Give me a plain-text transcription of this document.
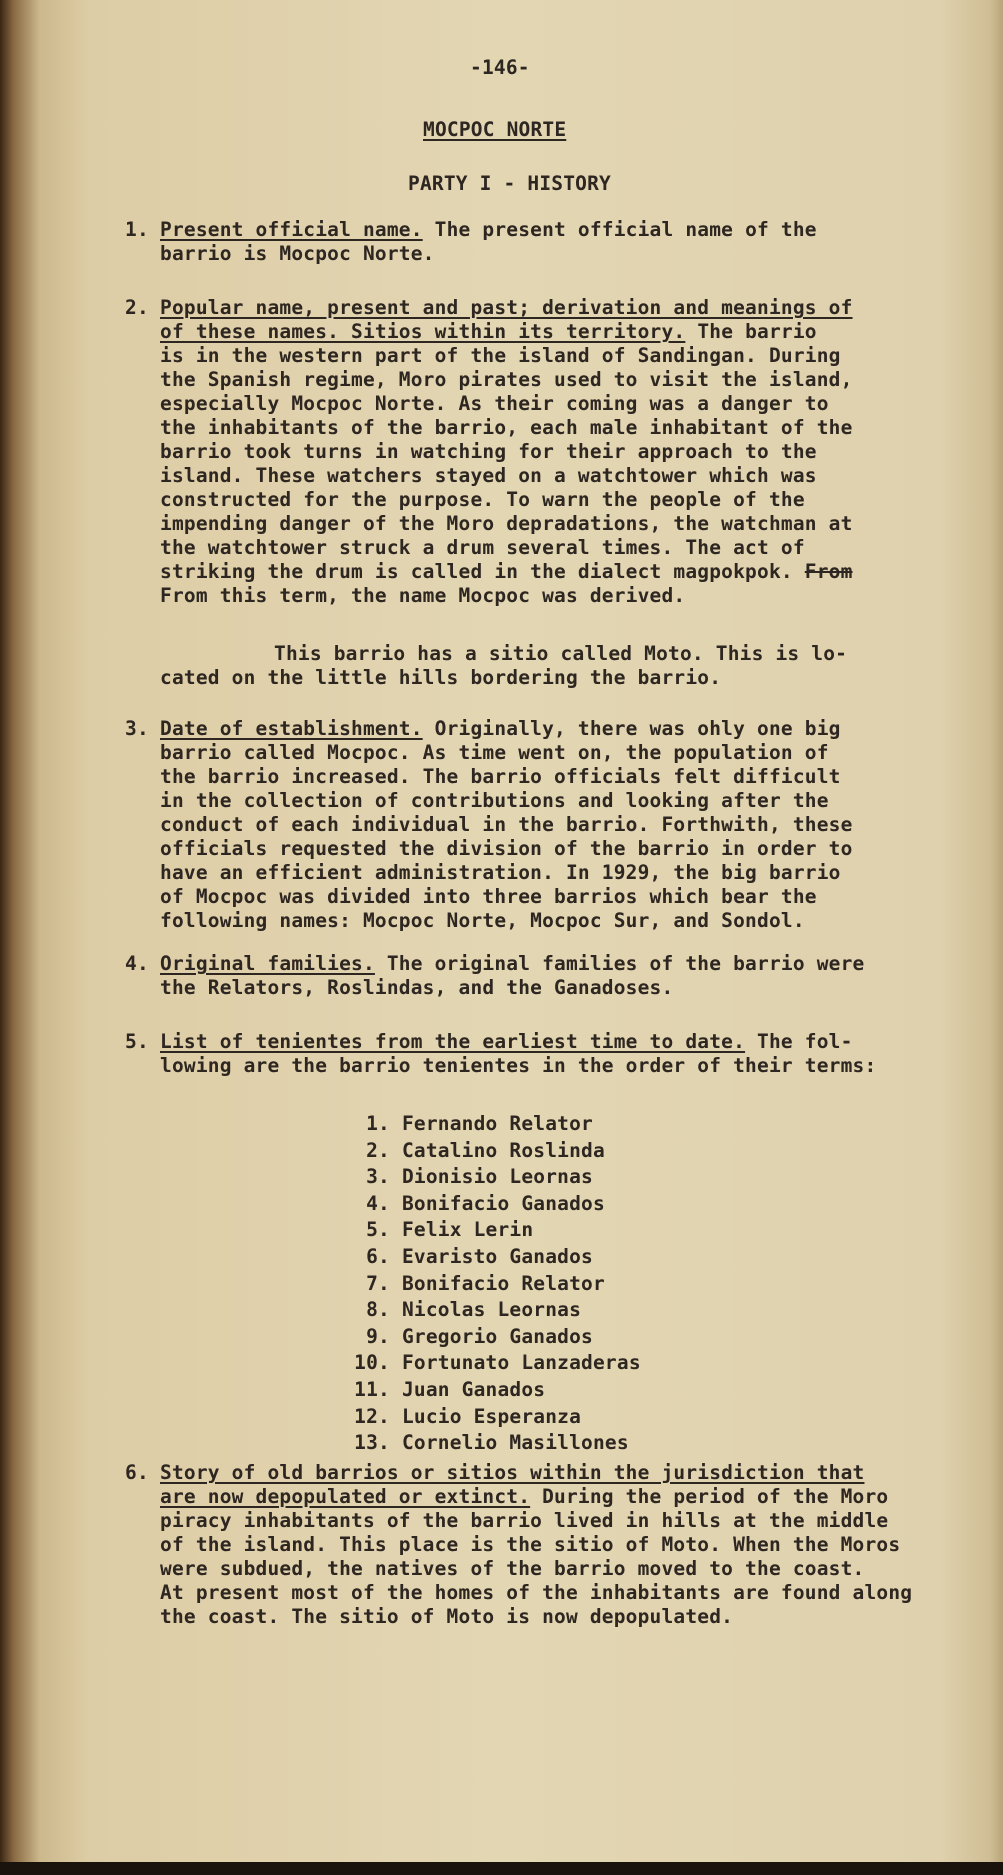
-146-
MOCPOC NORTE
PARTY I - HISTORY
1. Present official name. The present official name of the
barrio is Mocpoc Norte.
2. Popular name, present and past; derivation and meanings of
of these names. Sitios within its territory. The barrio
is in the western part of the island of Sandingan. During
the Spanish regime, Moro pirates used to visit the island,
especially Mocpoc Norte. As their coming was a danger to
the inhabitants of the barrio, each male inhabitant of the
barrio took turns in watching for their approach to the
island. These watchers stayed on a watchtower which was
constructed for the purpose. To warn the people of the
impending danger of the Moro depradations, the watchman at
the watchtower struck a drum several times. The act of
striking the drum is called in the dialect magpokpok. From
From this term, the name Mocpoc was derived.
This barrio has a sitio called Moto. This is lo-
cated on the little hills bordering the barrio.
3. Date of establishment. Originally, there was ohly one big
barrio called Mocpoc. As time went on, the population of
the barrio increased. The barrio officials felt difficult
in the collection of contributions and looking after the
conduct of each individual in the barrio. Forthwith, these
officials requested the division of the barrio in order to
have an efficient administration. In 1929, the big barrio
of Mocpoc was divided into three barrios which bear the
following names: Mocpoc Norte, Mocpoc Sur, and Sondol.
4. Original families. The original families of the barrio were
the Relators, Roslindas, and the Ganadoses.
5. List of tenientes from the earliest time to date. The fol-
lowing are the barrio tenientes in the order of their terms:
1. Fernando Relator
2. Catalino Roslinda
3. Dionisio Leornas
4. Bonifacio Ganados
5. Felix Lerin
6. Evaristo Ganados
7. Bonifacio Relator
8. Nicolas Leornas
9. Gregorio Ganados
10. Fortunato Lanzaderas
11. Juan Ganados
12. Lucio Esperanza
13. Cornelio Masillones
6. Story of old barrios or sitios within the jurisdiction that
are now depopulated or extinct. During the period of the Moro
piracy inhabitants of the barrio lived in hills at the middle
of the island. This place is the sitio of Moto. When the Moros
were subdued, the natives of the barrio moved to the coast.
At present most of the homes of the inhabitants are found along
the coast. The sitio of Moto is now depopulated.
